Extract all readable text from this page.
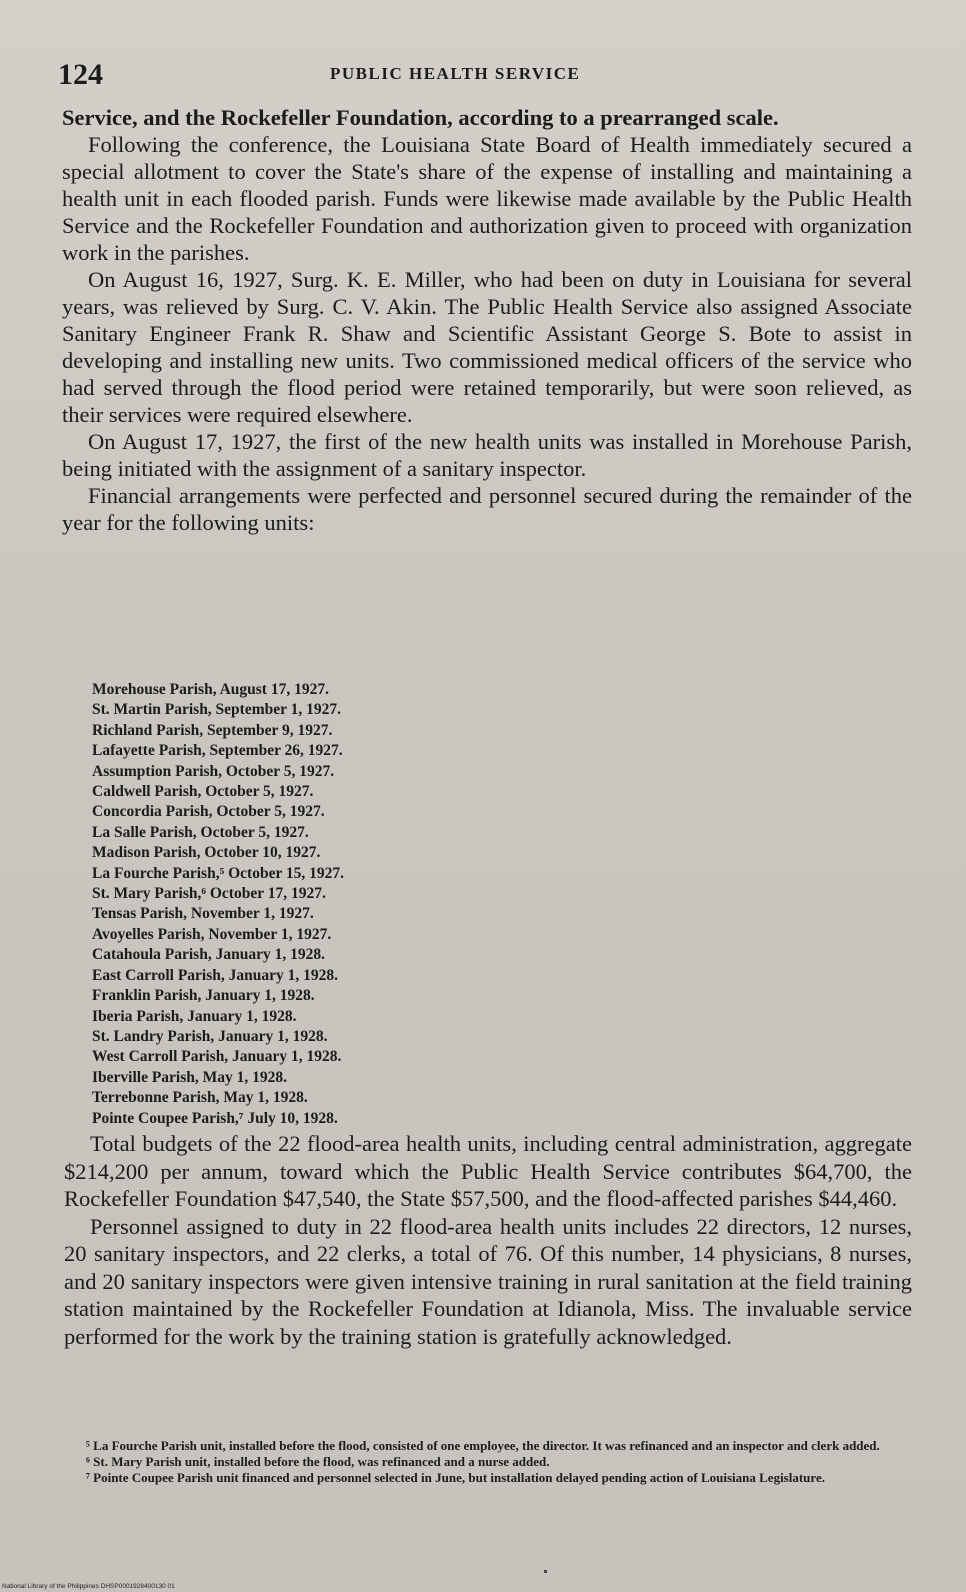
124	PUBLIC HEALTH SERVICE

Service, and the Rockefeller Foundation, according to a prearranged scale.

Following the conference, the Louisiana State Board of Health immediately secured a special allotment to cover the State's share of the expense of installing and maintaining a health unit in each flooded parish. Funds were likewise made available by the Public Health Service and the Rockefeller Foundation and authorization given to proceed with organization work in the parishes.

On August 16, 1927, Surg. K. E. Miller, who had been on duty in Louisiana for several years, was relieved by Surg. C. V. Akin. The Public Health Service also assigned Associate Sanitary Engineer Frank R. Shaw and Scientific Assistant George S. Bote to assist in developing and installing new units. Two commissioned medical officers of the service who had served through the flood period were retained temporarily, but were soon relieved, as their services were required elsewhere.

On August 17, 1927, the first of the new health units was installed in Morehouse Parish, being initiated with the assignment of a sanitary inspector.

Financial arrangements were perfected and personnel secured during the remainder of the year for the following units:

Morehouse Parish, August 17, 1927.
St. Martin Parish, September 1, 1927.
Richland Parish, September 9, 1927.
Lafayette Parish, September 26, 1927.
Assumption Parish, October 5, 1927.
Caldwell Parish, October 5, 1927.
Concordia Parish, October 5, 1927.
La Salle Parish, October 5, 1927.
Madison Parish, October 10, 1927.
La Fourche Parish,⁵ October 15, 1927.
St. Mary Parish,⁶ October 17, 1927.
Tensas Parish, November 1, 1927.
Avoyelles Parish, November 1, 1927.
Catahoula Parish, January 1, 1928.
East Carroll Parish, January 1, 1928.
Franklin Parish, January 1, 1928.
Iberia Parish, January 1, 1928.
St. Landry Parish, January 1, 1928.
West Carroll Parish, January 1, 1928.
Iberville Parish, May 1, 1928.
Terrebonne Parish, May 1, 1928.
Pointe Coupee Parish,⁷ July 10, 1928.

Total budgets of the 22 flood-area health units, including central administration, aggregate $214,200 per annum, toward which the Public Health Service contributes $64,700, the Rockefeller Foundation $47,540, the State $57,500, and the flood-affected parishes $44,460.

Personnel assigned to duty in 22 flood-area health units includes 22 directors, 12 nurses, 20 sanitary inspectors, and 22 clerks, a total of 76. Of this number, 14 physicians, 8 nurses, and 20 sanitary inspectors were given intensive training in rural sanitation at the field training station maintained by the Rockefeller Foundation at Idianola, Miss. The invaluable service performed for the work by the training station is gratefully acknowledged.

⁵ La Fourche Parish unit, installed before the flood, consisted of one employee, the director. It was refinanced and an inspector and clerk added.

⁶ St. Mary Parish unit, installed before the flood, was refinanced and a nurse added.

⁷ Pointe Coupee Parish unit financed and personnel selected in June, but installation delayed pending action of Louisiana Legislature.

National Library of the Philippines DHSP0001928400130 01
